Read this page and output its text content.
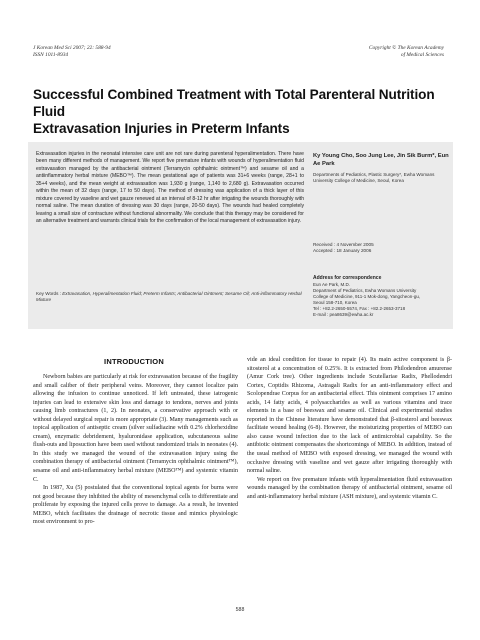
J Korean Med Sci 2007; 22: 588-94
ISSN 1011-8934
Copyright © The Korean Academy
of Medical Sciences
Successful Combined Treatment with Total Parenteral Nutrition Fluid
Extravasation Injuries in Preterm Infants
Extravasation injuries in the neonatal intensive care unit are not rare during parenteral hyperalimentation. There have been many different methods of management. We report five premature infants with wounds of hyperalimentation fluid extravasation managed by the antibacterial ointment (Terramycin ophthalmic ointment™) and sesame oil and a antiinflammatory herbal mixture (MEBO™). The mean gestational age of patients was 31+6 weeks (range, 28+1 to 35+4 weeks), and the mean weight at extravasation was 1,930 g (range, 1,140 to 2,680 g). Extravasation occurred within the mean of 32 days (range, 17 to 50 days). The method of dressing was application of a thick layer of this mixture covered by vaseline and wet gauze renewed at an interval of 8-12 hr after irrigating the wounds thoroughly with normal saline. The mean duration of dressing was 30 days (range, 20-50 days). The wounds had healed completely leaving a small size of contracture without functional abnormality. We conclude that this therapy may be considered for an alternative treatment and warrants clinical trials for the confirmation of the local management of extravasation injury.
Key Words : Extravasation, Hyperalimentation Fluid; Preterm Infants; Antibacterial Ointment; Sesame Oil; Anti-inflammatory Herbal Mixture
Ky Young Cho, Soo Jung Lee, Jin Sik Burm*, Eun Ae Park
Departments of Pediatrics, Plastic Surgery*, Ewha Womans University College of Medicine, Seoul, Korea
Received : 4 November 2005
Accepted : 18 January 2006
Address for correspondence
Eun Ae Park, M.D.
Department of Pediatrics, Ewha Womans University
College of Medicine, 911-1 Mok-dong, Yangcheon-gu,
Seoul 158-710, Korea
Tel : +82.2-2650-5574, Fax : +82.2-2653-3718
E-mail : pea8639@ewha.ac.kr
INTRODUCTION

Newborn babies are particularly at risk for extravasation because of the fragility and small caliber of their peripheral veins. Moreover, they cannot localize pain allowing the infusion to continue unnoticed. If left untreated, these iatrogenic injuries can lead to extensive skin loss and damage to tendons, nerves and joints causing limb contractures (1, 2). In neonates, a conservative approach with or without delayed surgical repair is more appropriate (3). Many managements such as topical application of antiseptic cream (silver sulfadiazine with 0.2% chlorhexidine cream), enzymatic debridement, hyaluronidase application, subcutaneous saline flush-outs and liposuction have been used without randomized trials in neonates (4). In this study we managed the wound of the extravasation injury using the combination therapy of antibacterial ointment (Terramycin ophthalmic ointment™), sesame oil and anti-inflammatory herbal mixture (MEBO™) and systemic vitamin C.

In 1987, Xu (5) postulated that the conventional topical agents for burns were not good because they inhibited the ability of mesenchymal cells to differentiate and proliferate by exposing the injured cells prove to damage. As a result, he invented MEBO, which facilitates the drainage of necrotic tissue and mimics physiologic most environment to pro-

vide an ideal condition for tissue to repair (4). Its main active component is β-sitosterol at a concentration of 0.25%. It is extracted from Philodendron amurense (Amur Cork tree). Other ingredients include Scutellariae Radix, Phellodendri Cortex, Coptidis Rhizoma, Astragali Radix for an anti-inflammatory effect and Scolopendrae Corpus for an antibacterial effect. This ointment comprises 17 amino acids, 14 fatty acids, 4 polysaccharides as well as various vitamins and trace elements in a base of beeswax and sesame oil. Clinical and experimental studies reported in the Chinese literature have demonstrated that β-sitosterol and beeswax facilitate wound healing (6-8). However, the moisturizing properties of MEBO can also cause wound infection due to the lack of antimicrobial capability. So the antibiotic ointment compensates the shortcomings of MEBO. In addition, instead of the usual method of MEBO with exposed dressing, we managed the wound with occlusive dressing with vaseline and wet gauze after irrigating thoroughly with normal saline.

We report on five premature infants with hyperalimentation fluid extravasation wounds managed by the combination therapy of antibacterial ointment, sesame oil and anti-inflammatory herbal mixture (ASH mixture), and systemic vitamin C.

588
